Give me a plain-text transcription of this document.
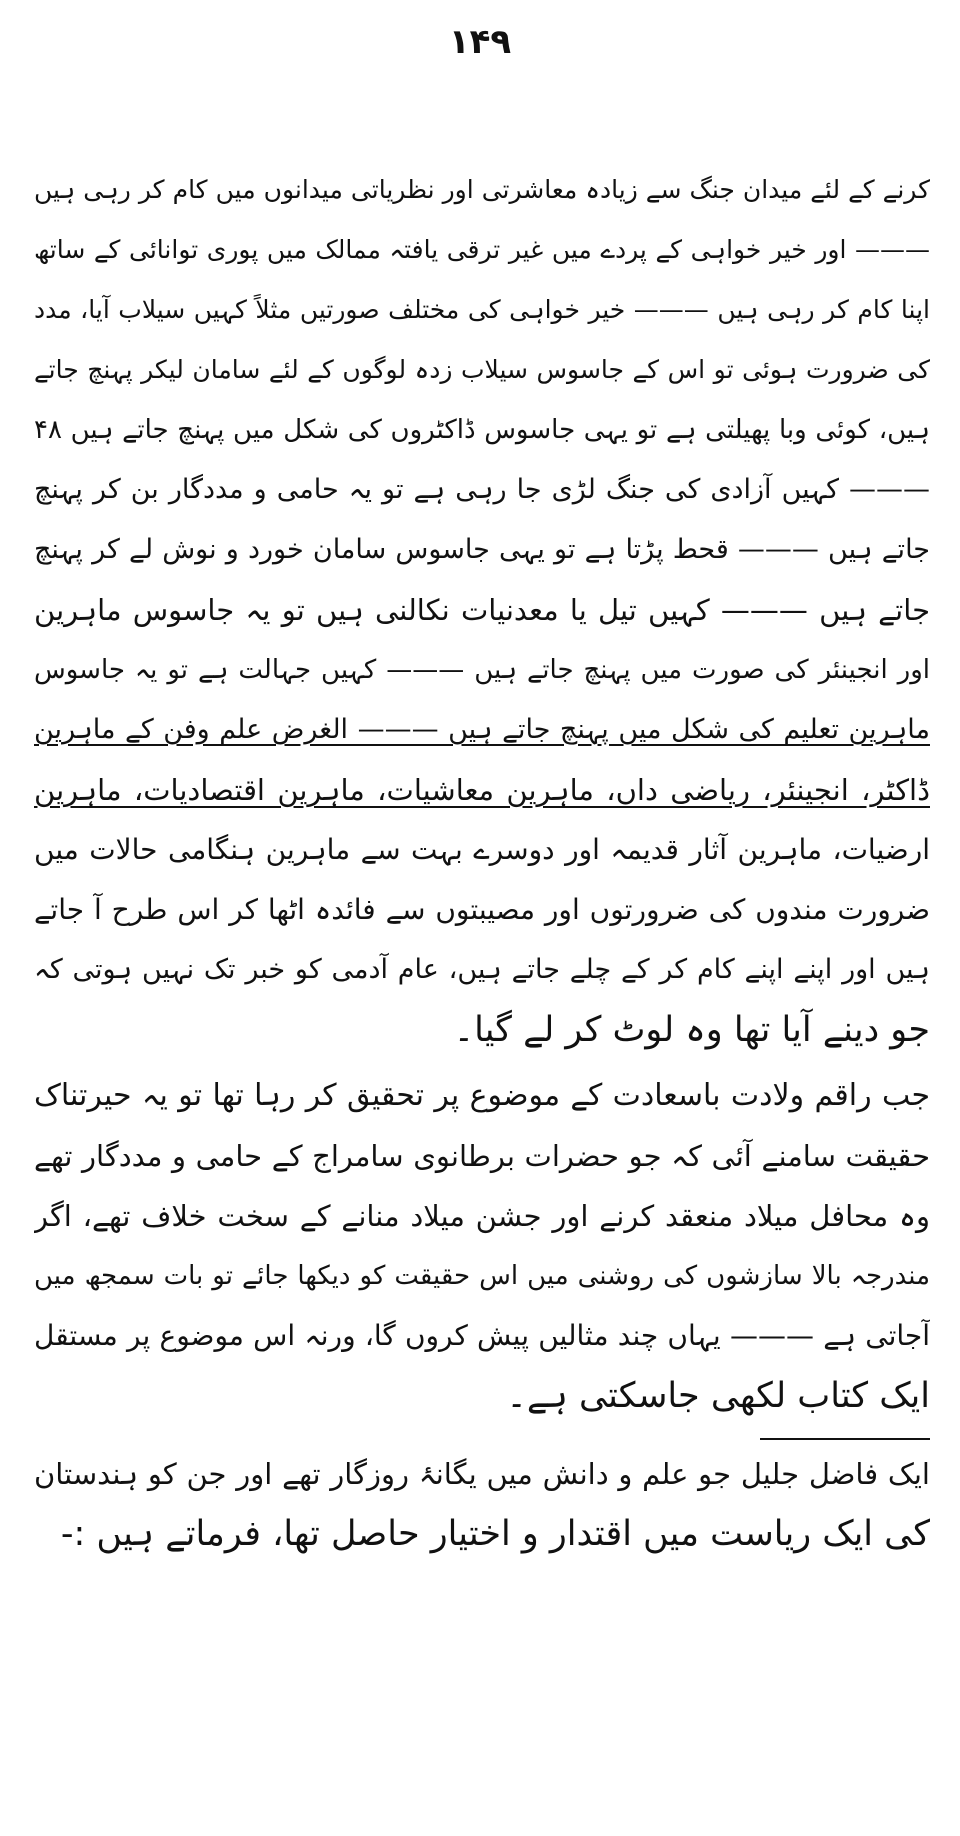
۱۴۹
کرنے کے لئے میدان جنگ سے زیادہ معاشرتی اور نظریاتی میدانوں میں کام کر رہی ہیں
——— اور خیر خواہی کے پردے میں غیر ترقی یافتہ ممالک میں پوری توانائی کے ساتھ
اپنا کام کر رہی ہیں ——— خیر خواہی کی مختلف صورتیں مثلاً کہیں سیلاب آیا، مدد
کی ضرورت ہوئی تو اس کے جاسوس سیلاب زدہ لوگوں کے لئے سامان لیکر پہنچ جاتے
ہیں، کوئی وبا پھیلتی ہے تو یہی جاسوس ڈاکٹروں کی شکل میں پہنچ جاتے ہیں ۴۸
——— کہیں آزادی کی جنگ لڑی جا رہی ہے تو یہ حامی و مددگار بن کر پہنچ
جاتے ہیں ——— قحط پڑتا ہے تو یہی جاسوس سامان خورد و نوش لے کر پہنچ
جاتے ہیں ——— کہیں تیل یا معدنیات نکالنی ہیں تو یہ جاسوس ماہرین
اور انجینئر کی صورت میں پہنچ جاتے ہیں ——— کہیں جہالت ہے تو یہ جاسوس
ماہرین تعلیم کی شکل میں پہنچ جاتے ہیں ——— الغرض علم وفن کے ماہرین
ڈاکٹر، انجینئر، ریاضی داں، ماہرین معاشیات، ماہرین اقتصادیات، ماہرین
ارضیات، ماہرین آثار قدیمہ اور دوسرے بہت سے ماہرین ہنگامی حالات میں
ضرورت مندوں کی ضرورتوں اور مصیبتوں سے فائدہ اٹھا کر اس طرح آ جاتے
ہیں اور اپنے اپنے کام کر کے چلے جاتے ہیں، عام آدمی کو خبر تک نہیں ہوتی کہ
جو دینے آیا تھا وہ لوٹ کر لے گیا۔
جب راقم ولادت باسعادت کے موضوع پر تحقیق کر رہا تھا تو یہ حیرتناک
حقیقت سامنے آئی کہ جو حضرات برطانوی سامراج کے حامی و مددگار تھے
وہ محافل میلاد منعقد کرنے اور جشن میلاد منانے کے سخت خلاف تھے، اگر
مندرجہ بالا سازشوں کی روشنی میں اس حقیقت کو دیکھا جائے تو بات سمجھ میں
آجاتی ہے ——— یہاں چند مثالیں پیش کروں گا، ورنہ اس موضوع پر مستقل
ایک کتاب لکھی جاسکتی ہے۔
ایک فاضل جلیل جو علم و دانش میں یگانۂ روزگار تھے اور جن کو ہندستان
کی ایک ریاست میں اقتدار و اختیار حاصل تھا، فرماتے ہیں :-
